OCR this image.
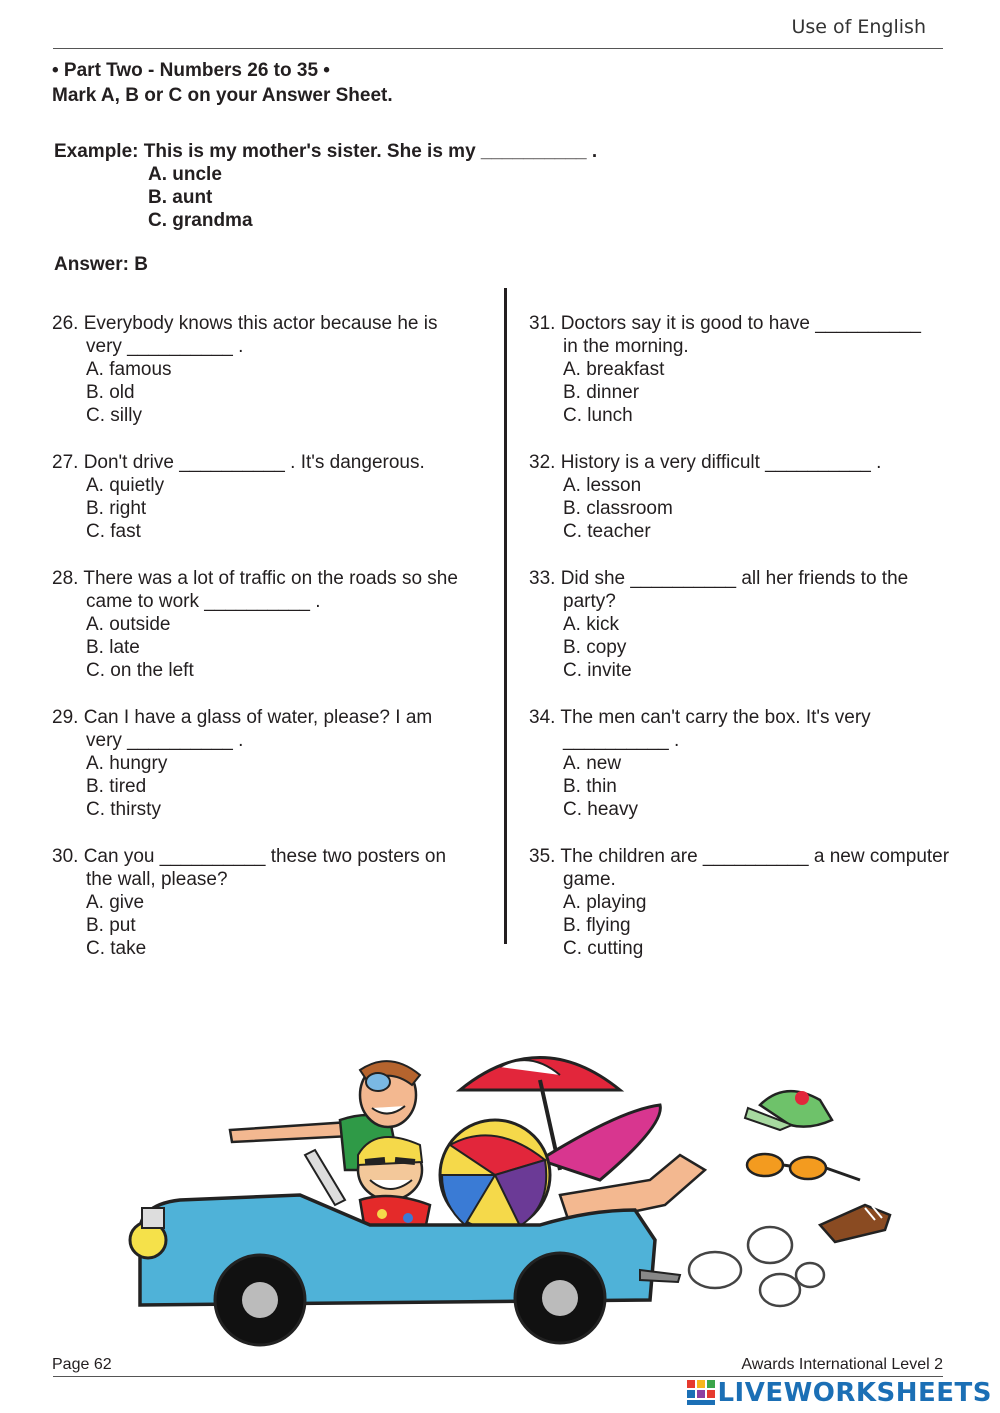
Use of English
• Part Two - Numbers 26 to 35 •
Mark A, B or C on your Answer Sheet.
Example: This is my mother's sister. She is my __________ .
A. uncle
B. aunt
C. grandma
Answer: B
26. Everybody knows this actor because he is
very __________ .
A. famous
B. old
C. silly
27. Don't drive __________ . It's dangerous.
A. quietly
B. right
C. fast
28. There was a lot of traffic on the roads so she
came to work __________ .
A. outside
B. late
C. on the left
29. Can I have a glass of water, please? I am
very __________ .
A. hungry
B. tired
C. thirsty
30. Can you __________ these two posters on
the wall, please?
A. give
B. put
C. take
31. Doctors say it is good to have __________
in the morning.
A. breakfast
B. dinner
C. lunch
32. History is a very difficult __________ .
A. lesson
B. classroom
C. teacher
33. Did she __________ all her friends to the
party?
A. kick
B. copy
C. invite
34. The men can't carry the box. It's very
__________ .
A. new
B. thin
C. heavy
35. The children are __________ a new computer
game.
A. playing
B. flying
C. cutting
Page 62	Awards International Level 2
LIVEWORKSHEETS
